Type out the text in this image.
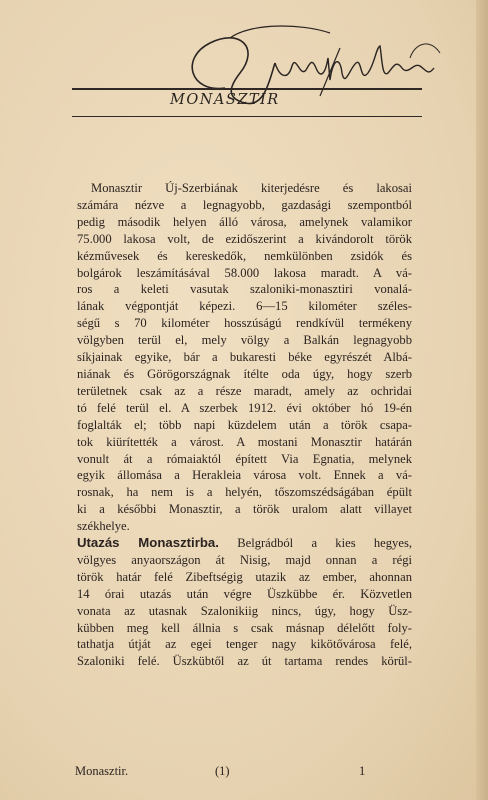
MONASZTIR
Monasztir Új-Szerbiának kiterjedésre és lakosai
számára nézve a legnagyobb, gazdasági szempontból
pedig második helyen álló városa, amelynek valamikor
75.000 lakosa volt, de ezidőszerint a kivándorolt török
kézművesek és kereskedők, nemkülönben zsidók és
bolgárok leszámításával 58.000 lakosa maradt. A vá-
ros a keleti vasutak szaloniki-monasztiri vonalá-
lának végpontját képezi. 6—15 kilométer széles-
ségű s 70 kilométer hosszúságú rendkívül termékeny
völgyben terül el, mely völgy a Balkán legnagyobb
síkjainak egyike, bár a bukaresti béke egyrészét Albá-
niának és Görögországnak ítélte oda úgy, hogy szerb
területnek csak az a része maradt, amely az ochridai
tó felé terül el. A szerbek 1912. évi október hó 19-én
foglalták el; több napi küzdelem után a török csapa-
tok kiürítették a várost. A mostani Monasztir határán
vonult át a rómaiaktól épített Via Egnatia, melynek
egyik állomása a Herakleia városa volt. Ennek a vá-
rosnak, ha nem is a helyén, tőszomszédságában épült
ki a későbbi Monasztir, a török uralom alatt villayet
székhelye.
Utazás Monasztirba. Belgrádból a kies hegyes,
völgyes anyaországon át Nisig, majd onnan a régi
török határ felé Zibeftségig utazik az ember, ahonnan
14 órai utazás után végre Üszkübbe ér. Közvetlen
vonata az utasnak Szalonikiig nincs, úgy, hogy Üsz-
kübben meg kell állnia s csak másnap délelőtt foly-
tathatja útját az egei tenger nagy kikötővárosa felé,
Szaloniki felé. Üszkübtől az út tartama rendes körül-
Monasztir.	(1)	1
